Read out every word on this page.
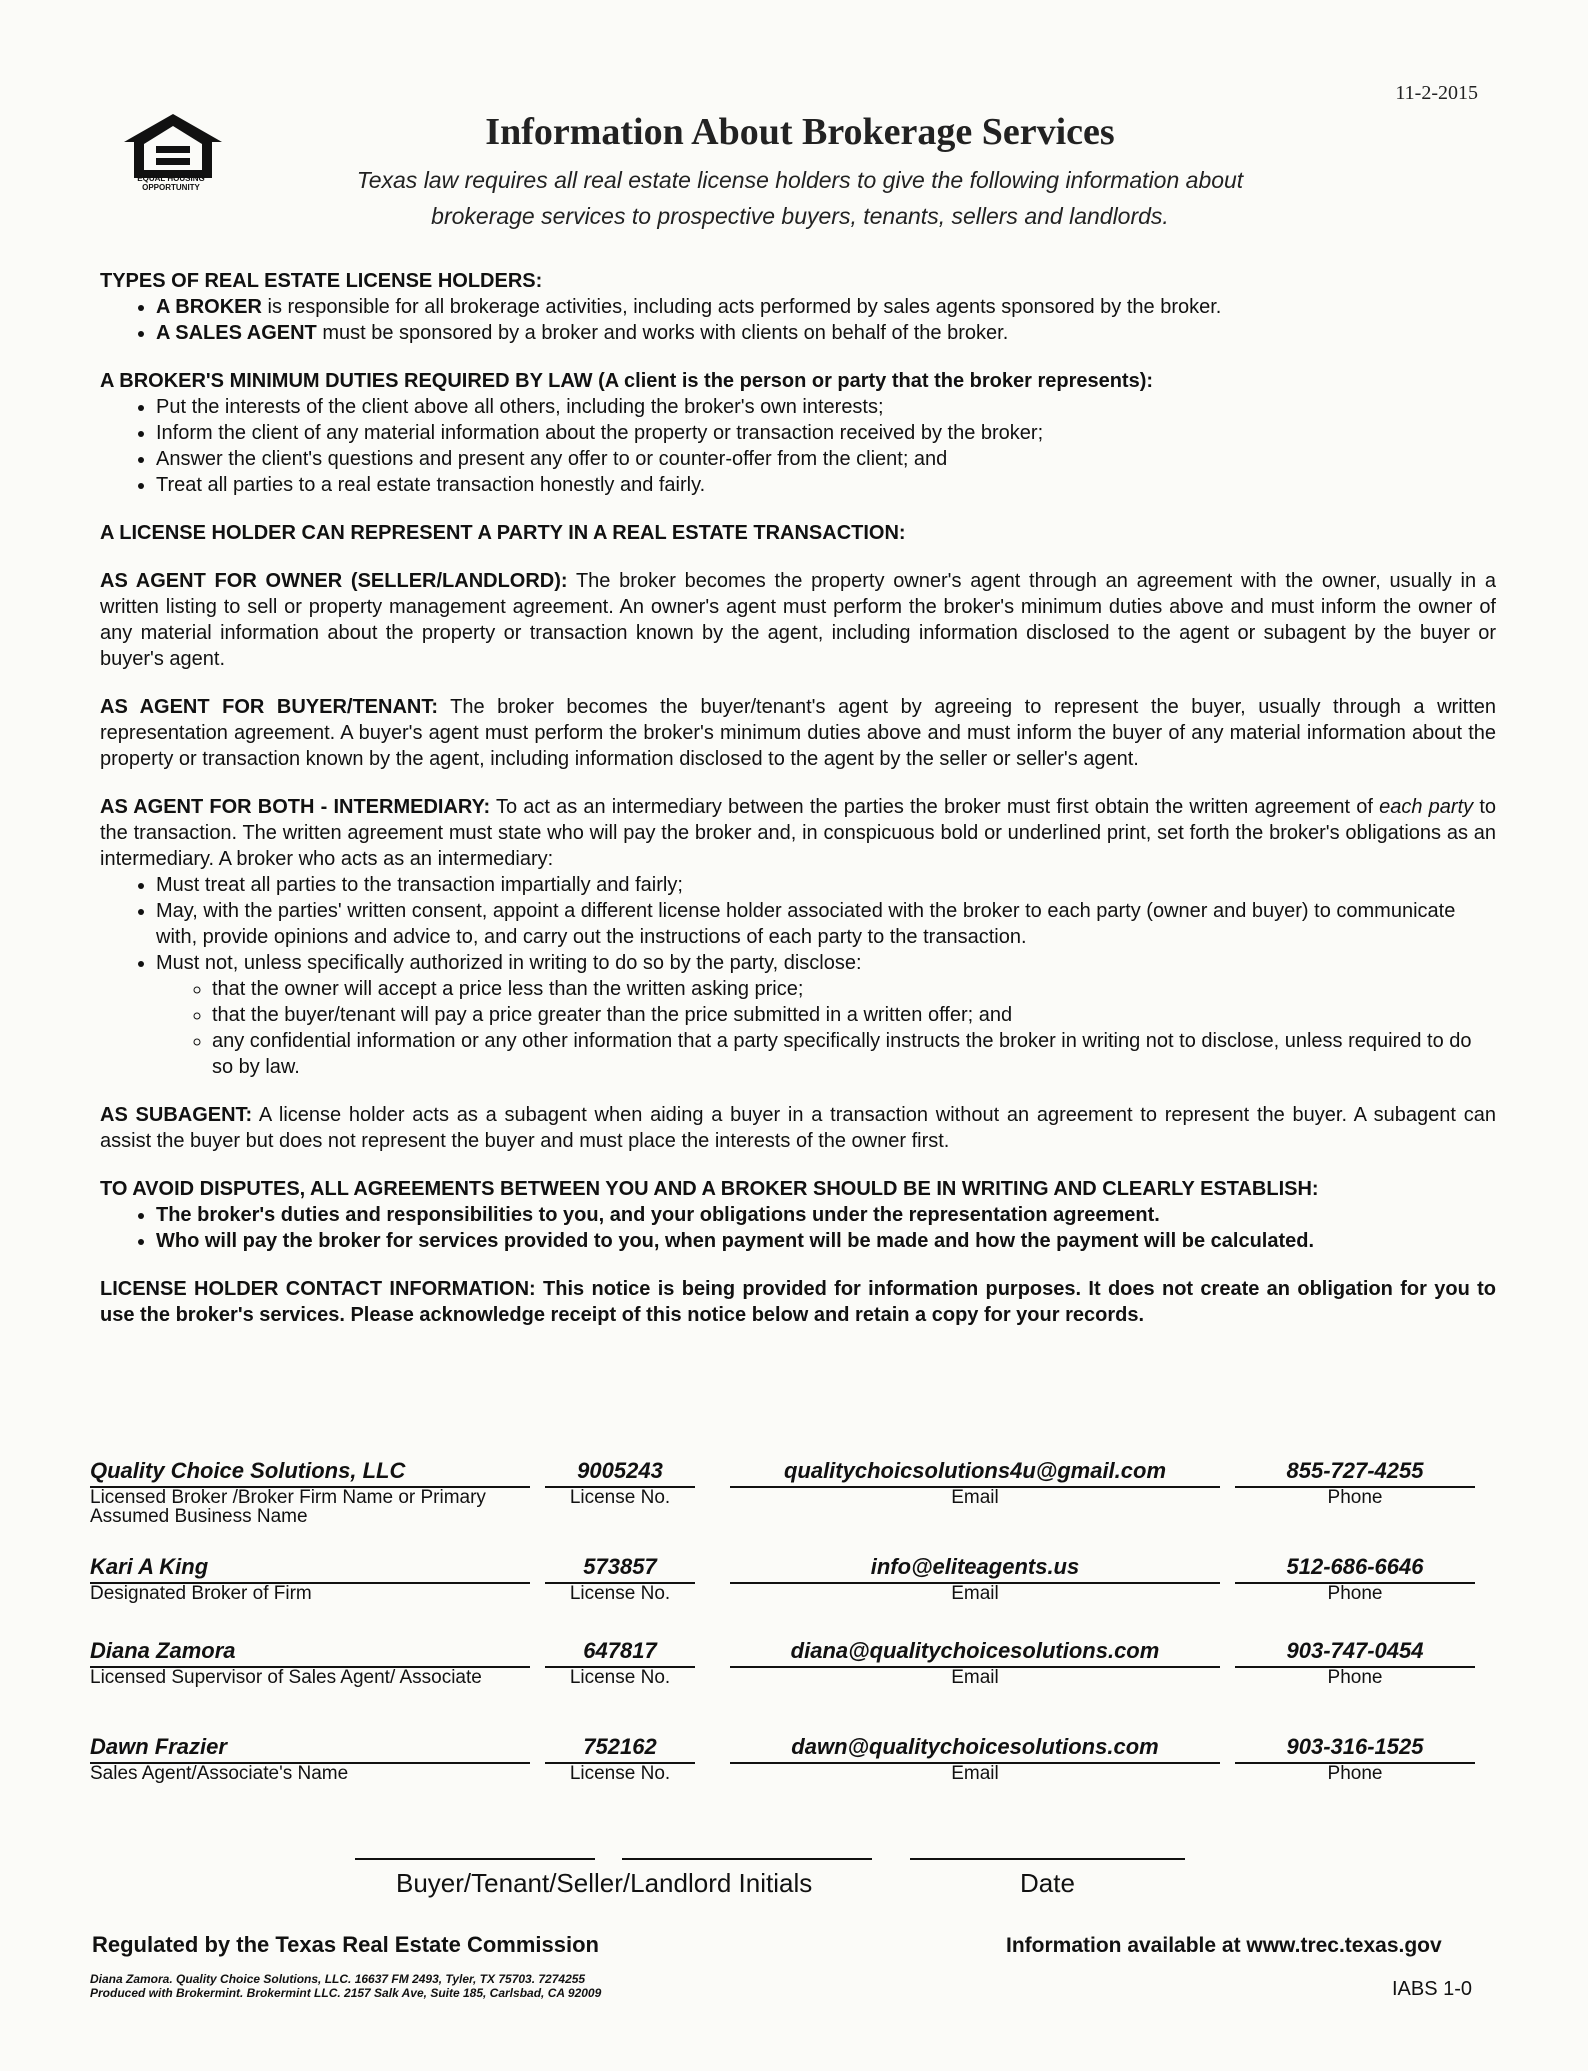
11-2-2015
EQUAL HOUSING OPPORTUNITY
Information About Brokerage Services
Texas law requires all real estate license holders to give the following information about
brokerage services to prospective buyers, tenants, sellers and landlords.
TYPES OF REAL ESTATE LICENSE HOLDERS:
• A BROKER is responsible for all brokerage activities, including acts performed by sales agents sponsored by the broker.
• A SALES AGENT must be sponsored by a broker and works with clients on behalf of the broker.
A BROKER'S MINIMUM DUTIES REQUIRED BY LAW (A client is the person or party that the broker represents):
• Put the interests of the client above all others, including the broker's own interests;
• Inform the client of any material information about the property or transaction received by the broker;
• Answer the client's questions and present any offer to or counter-offer from the client; and
• Treat all parties to a real estate transaction honestly and fairly.
A LICENSE HOLDER CAN REPRESENT A PARTY IN A REAL ESTATE TRANSACTION:

AS AGENT FOR OWNER (SELLER/LANDLORD): The broker becomes the property owner's agent through an agreement with the owner, usually in a written listing to sell or property management agreement. An owner's agent must perform the broker's minimum duties above and must inform the owner of any material information about the property or transaction known by the agent, including information disclosed to the agent or subagent by the buyer or buyer's agent.

AS AGENT FOR BUYER/TENANT: The broker becomes the buyer/tenant's agent by agreeing to represent the buyer, usually through a written representation agreement. A buyer's agent must perform the broker's minimum duties above and must inform the buyer of any material information about the property or transaction known by the agent, including information disclosed to the agent by the seller or seller's agent.

AS AGENT FOR BOTH - INTERMEDIARY: To act as an intermediary between the parties the broker must first obtain the written agreement of each party to the transaction. The written agreement must state who will pay the broker and, in conspicuous bold or underlined print, set forth the broker's obligations as an intermediary. A broker who acts as an intermediary:

• Must treat all parties to the transaction impartially and fairly;
• May, with the parties' written consent, appoint a different license holder associated with the broker to each party (owner and buyer) to communicate with, provide opinions and advice to, and carry out the instructions of each party to the transaction.
• Must not, unless specifically authorized in writing to do so by the party, disclose:
◦ that the owner will accept a price less than the written asking price;
◦ that the buyer/tenant will pay a price greater than the price submitted in a written offer; and
◦ any confidential information or any other information that a party specifically instructs the broker in writing not to disclose, unless required to do so by law.

AS SUBAGENT: A license holder acts as a subagent when aiding a buyer in a transaction without an agreement to represent the buyer. A subagent can assist the buyer but does not represent the buyer and must place the interests of the owner first.

TO AVOID DISPUTES, ALL AGREEMENTS BETWEEN YOU AND A BROKER SHOULD BE IN WRITING AND CLEARLY ESTABLISH:
• The broker's duties and responsibilities to you, and your obligations under the representation agreement.
• Who will pay the broker for services provided to you, when payment will be made and how the payment will be calculated.

LICENSE HOLDER CONTACT INFORMATION: This notice is being provided for information purposes. It does not create an obligation for you to use the broker's services. Please acknowledge receipt of this notice below and retain a copy for your records.

Quality Choice Solutions, LLC
Licensed Broker /Broker Firm Name or Primary Assumed Business Name
9005243
License No.
qualitychoicsolutions4u@gmail.com
Email
855-727-4255
Phone
Kari A King
Designated Broker of Firm
573857
License No.
info@eliteagents.us
Email
512-686-6646
Phone
Diana Zamora
Licensed Supervisor of Sales Agent/ Associate
647817
License No.
diana@qualitychoicesolutions.com
Email
903-747-0454
Phone
Dawn Frazier
Sales Agent/Associate's Name
752162
License No.
dawn@qualitychoicesolutions.com
Email
903-316-1525
Phone
Buyer/Tenant/Seller/Landlord Initials	Date
Regulated by the Texas Real Estate Commission	Information available at www.trec.texas.gov
Diana Zamora. Quality Choice Solutions, LLC. 16637 FM 2493, Tyler, TX 75703. 7274255
Produced with Brokermint. Brokermint LLC. 2157 Salk Ave, Suite 185, Carlsbad, CA 92009	IABS 1-0
